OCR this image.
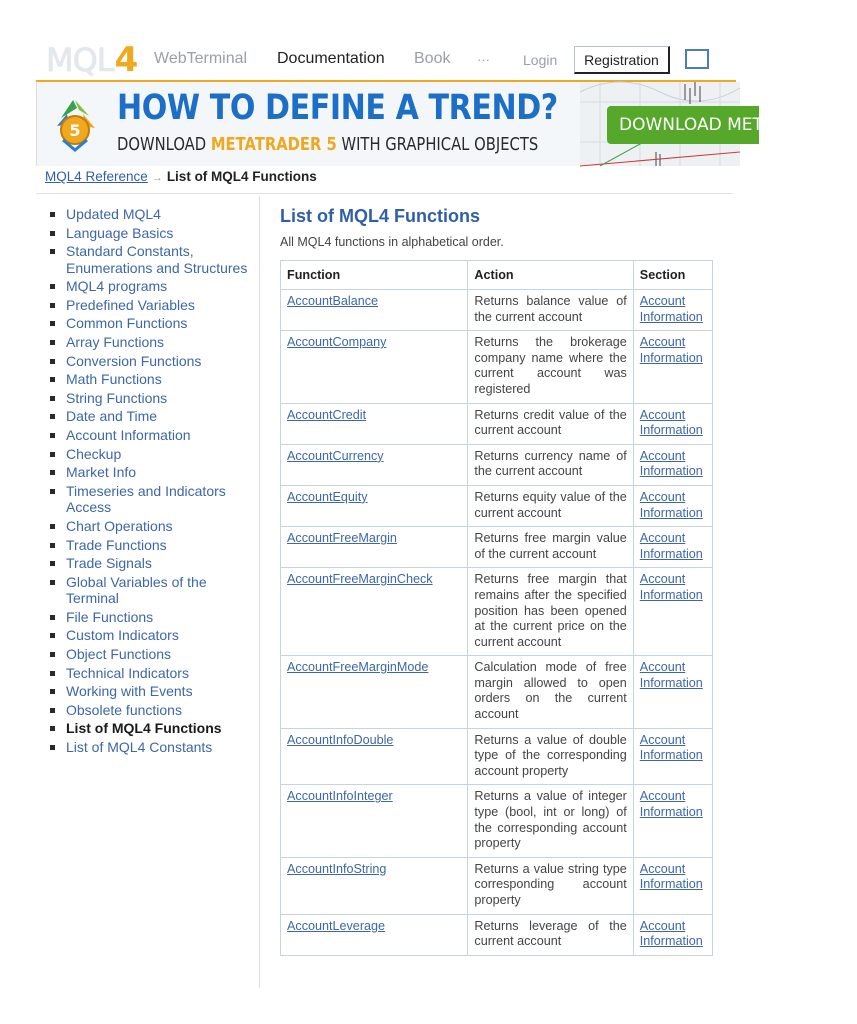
MQL 4 WebTerminal Documentation Book ··· Login	Registration
5
HOW TO DEFINE A TREND?
DOWNLOAD METATRADER 5 WITH GRAPHICAL OBJECTS
DOWNLOAD METATRADER 5
MQL4 Reference → List of MQL4 Functions
Updated MQL4
Language Basics
Standard Constants, Enumerations and Structures
MQL4 programs
Predefined Variables
Common Functions
Array Functions
Conversion Functions
Math Functions
String Functions
Date and Time
Account Information
Checkup
Market Info
Timeseries and Indicators Access
Chart Operations
Trade Functions
Trade Signals
Global Variables of the Terminal
File Functions
Custom Indicators
Object Functions
Technical Indicators
Working with Events
Obsolete functions
List of MQL4 Functions
List of MQL4 Constants
List of MQL4 Functions
All MQL4 functions in alphabetical order.
Function	Action	Section
AccountBalance	Returns balance value of the current account	Account Information
AccountCompany	Returns the brokerage company name where the current account was registered	Account Information
AccountCredit	Returns credit value of the current account	Account Information
AccountCurrency	Returns currency name of the current account	Account Information
AccountEquity	Returns equity value of the current account	Account Information
AccountFreeMargin	Returns free margin value of the current account	Account Information
AccountFreeMarginCheck	Returns free margin that remains after the specified position has been opened at the current price on the current account	Account Information
AccountFreeMarginMode	Calculation mode of free margin allowed to open orders on the current account	Account Information
AccountInfoDouble	Returns a value of double type of the corresponding account property	Account Information
AccountInfoInteger	Returns a value of integer type (bool, int or long) of the corresponding account property	Account Information
AccountInfoString	Returns a value string type corresponding account property	Account Information
AccountLeverage	Returns leverage of the current account	Account Information
